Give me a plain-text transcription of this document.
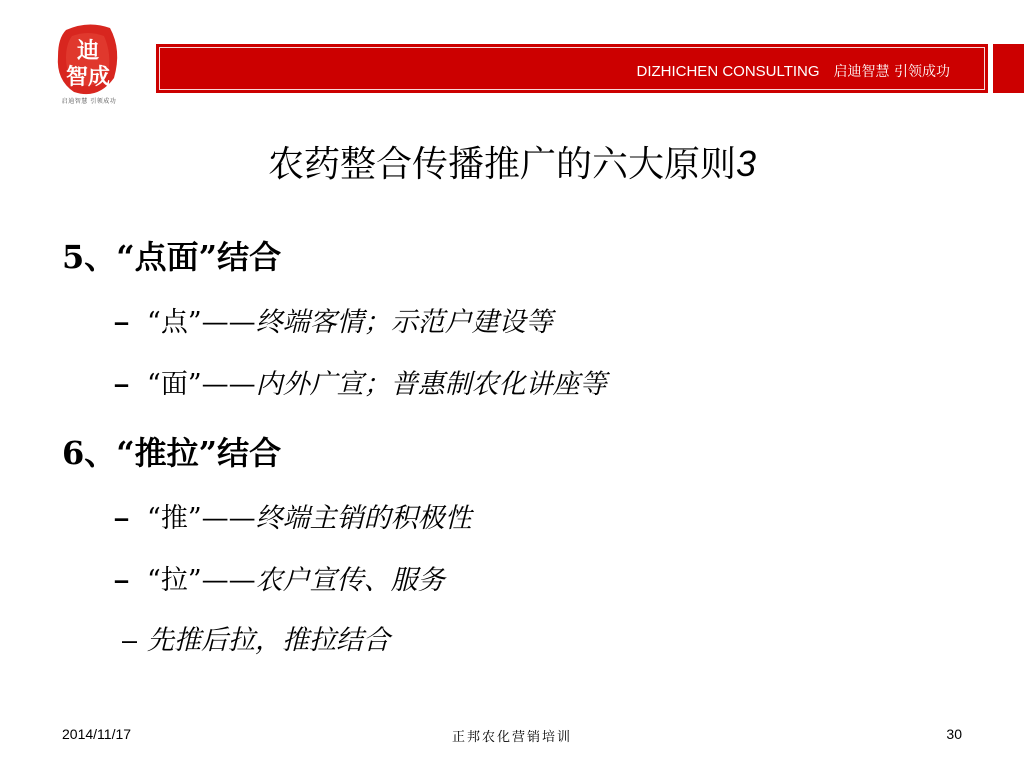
迪
智成
启迪智慧 引领成功
DIZHICHEN CONSULTING 启迪智慧 引领成功
农药整合传播推广的六大原则3
5、“点面”结合
– “点”——终端客情；示范户建设等
– “面”——内外广宣；普惠制农化讲座等
6、“推拉”结合
– “推”——终端主销的积极性
– “拉”——农户宣传、服务
– 先推后拉，推拉结合
2014/11/17	正邦农化营销培训	30
